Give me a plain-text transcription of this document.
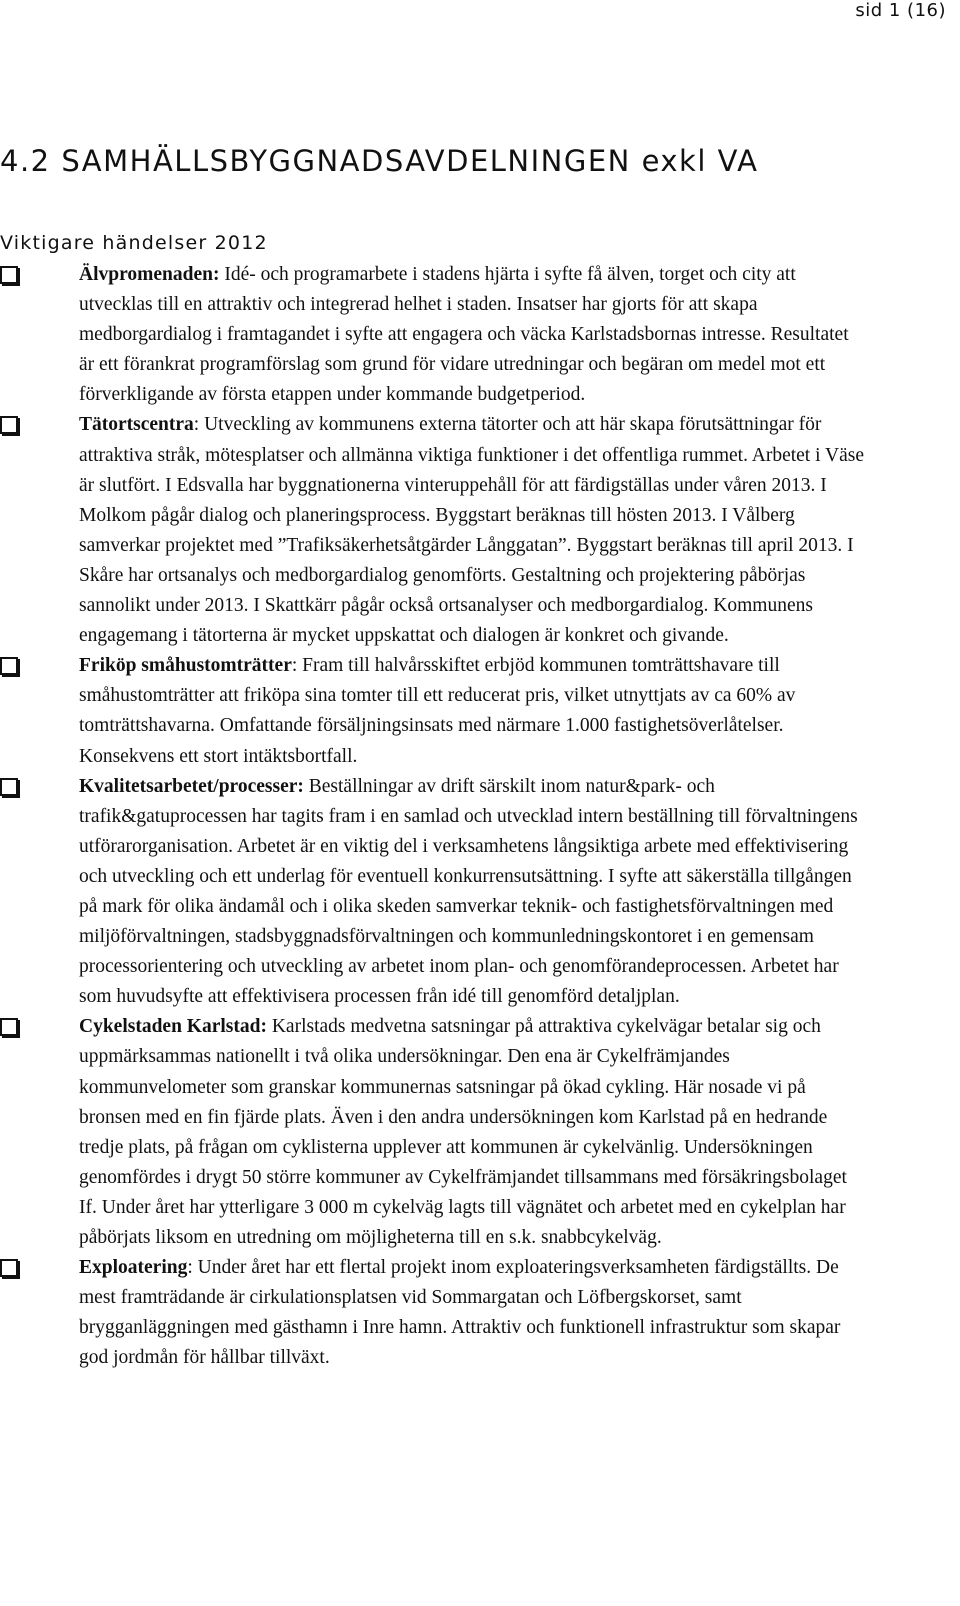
sid 1 (16)
4.2 SAMHÄLLSBYGGNADSAVDELNINGEN exkl VA
Viktigare händelser 2012
Älvpromenaden: Idé- och programarbete i stadens hjärta i syfte få älven, torget och city att utvecklas till en attraktiv och integrerad helhet i staden. Insatser har gjorts för att skapa medborgardialog i framtagandet i syfte att engagera och väcka Karlstadsbornas intresse. Resultatet är ett förankrat programförslag som grund för vidare utredningar och begäran om medel mot ett förverkligande av första etappen under kommande budgetperiod.
Tätortscentra: Utveckling av kommunens externa tätorter och att här skapa förutsättningar för attraktiva stråk, mötesplatser och allmänna viktiga funktioner i det offentliga rummet. Arbetet i Väse är slutfört. I Edsvalla har byggnationerna vinteruppehåll för att färdigställas under våren 2013. I Molkom pågår dialog och planeringsprocess. Byggstart beräknas till hösten 2013. I Vålberg samverkar projektet med ”Trafiksäkerhetsåtgärder Långgatan”. Byggstart beräknas till april 2013. I Skåre har ortsanalys och medborgardialog genomförts. Gestaltning och projektering påbörjas sannolikt under 2013. I Skattkärr pågår också ortsanalyser och medborgardialog. Kommunens engagemang i tätorterna är mycket uppskattat och dialogen är konkret och givande.
Friköp småhustomträtter: Fram till halvårsskiftet erbjöd kommunen tomträttshavare till småhustomträtter att friköpa sina tomter till ett reducerat pris, vilket utnyttjats av ca 60% av tomträttshavarna. Omfattande försäljningsinsats med närmare 1.000 fastighetsöverlåtelser. Konsekvens ett stort intäktsbortfall.
Kvalitetsarbetet/processer: Beställningar av drift särskilt inom natur&park- och trafik&gatuprocessen har tagits fram i en samlad och utvecklad intern beställning till förvaltningens utförarorganisation. Arbetet är en viktig del i verksamhetens långsiktiga arbete med effektivisering och utveckling och ett underlag för eventuell konkurrensutsättning. I syfte att säkerställa tillgången på mark för olika ändamål och i olika skeden samverkar teknik- och fastighetsförvaltningen med miljöförvaltningen, stadsbyggnadsförvaltningen och kommunledningskontoret i en gemensam processorientering och utveckling av arbetet inom plan- och genomförandeprocessen. Arbetet har som huvudsyfte att effektivisera processen från idé till genomförd detaljplan.
Cykelstaden Karlstad: Karlstads medvetna satsningar på attraktiva cykelvägar betalar sig och uppmärksammas nationellt i två olika undersökningar. Den ena är Cykelfrämjandes kommunvelometer som granskar kommunernas satsningar på ökad cykling. Här nosade vi på bronsen med en fin fjärde plats. Även i den andra undersökningen kom Karlstad på en hedrande tredje plats, på frågan om cyklisterna upplever att kommunen är cykelvänlig. Undersökningen genomfördes i drygt 50 större kommuner av Cykelfrämjandet tillsammans med försäkringsbolaget If. Under året har ytterligare 3 000 m cykelväg lagts till vägnätet och arbetet med en cykelplan har påbörjats liksom en utredning om möjligheterna till en s.k. snabbcykelväg.
Exploatering: Under året har ett flertal projekt inom exploateringsverksamheten färdigställts. De mest framträdande är cirkulationsplatsen vid Sommargatan och Löfbergskorset, samt brygganläggningen med gästhamn i Inre hamn. Attraktiv och funktionell infrastruktur som skapar god jordmån för hållbar tillväxt.
